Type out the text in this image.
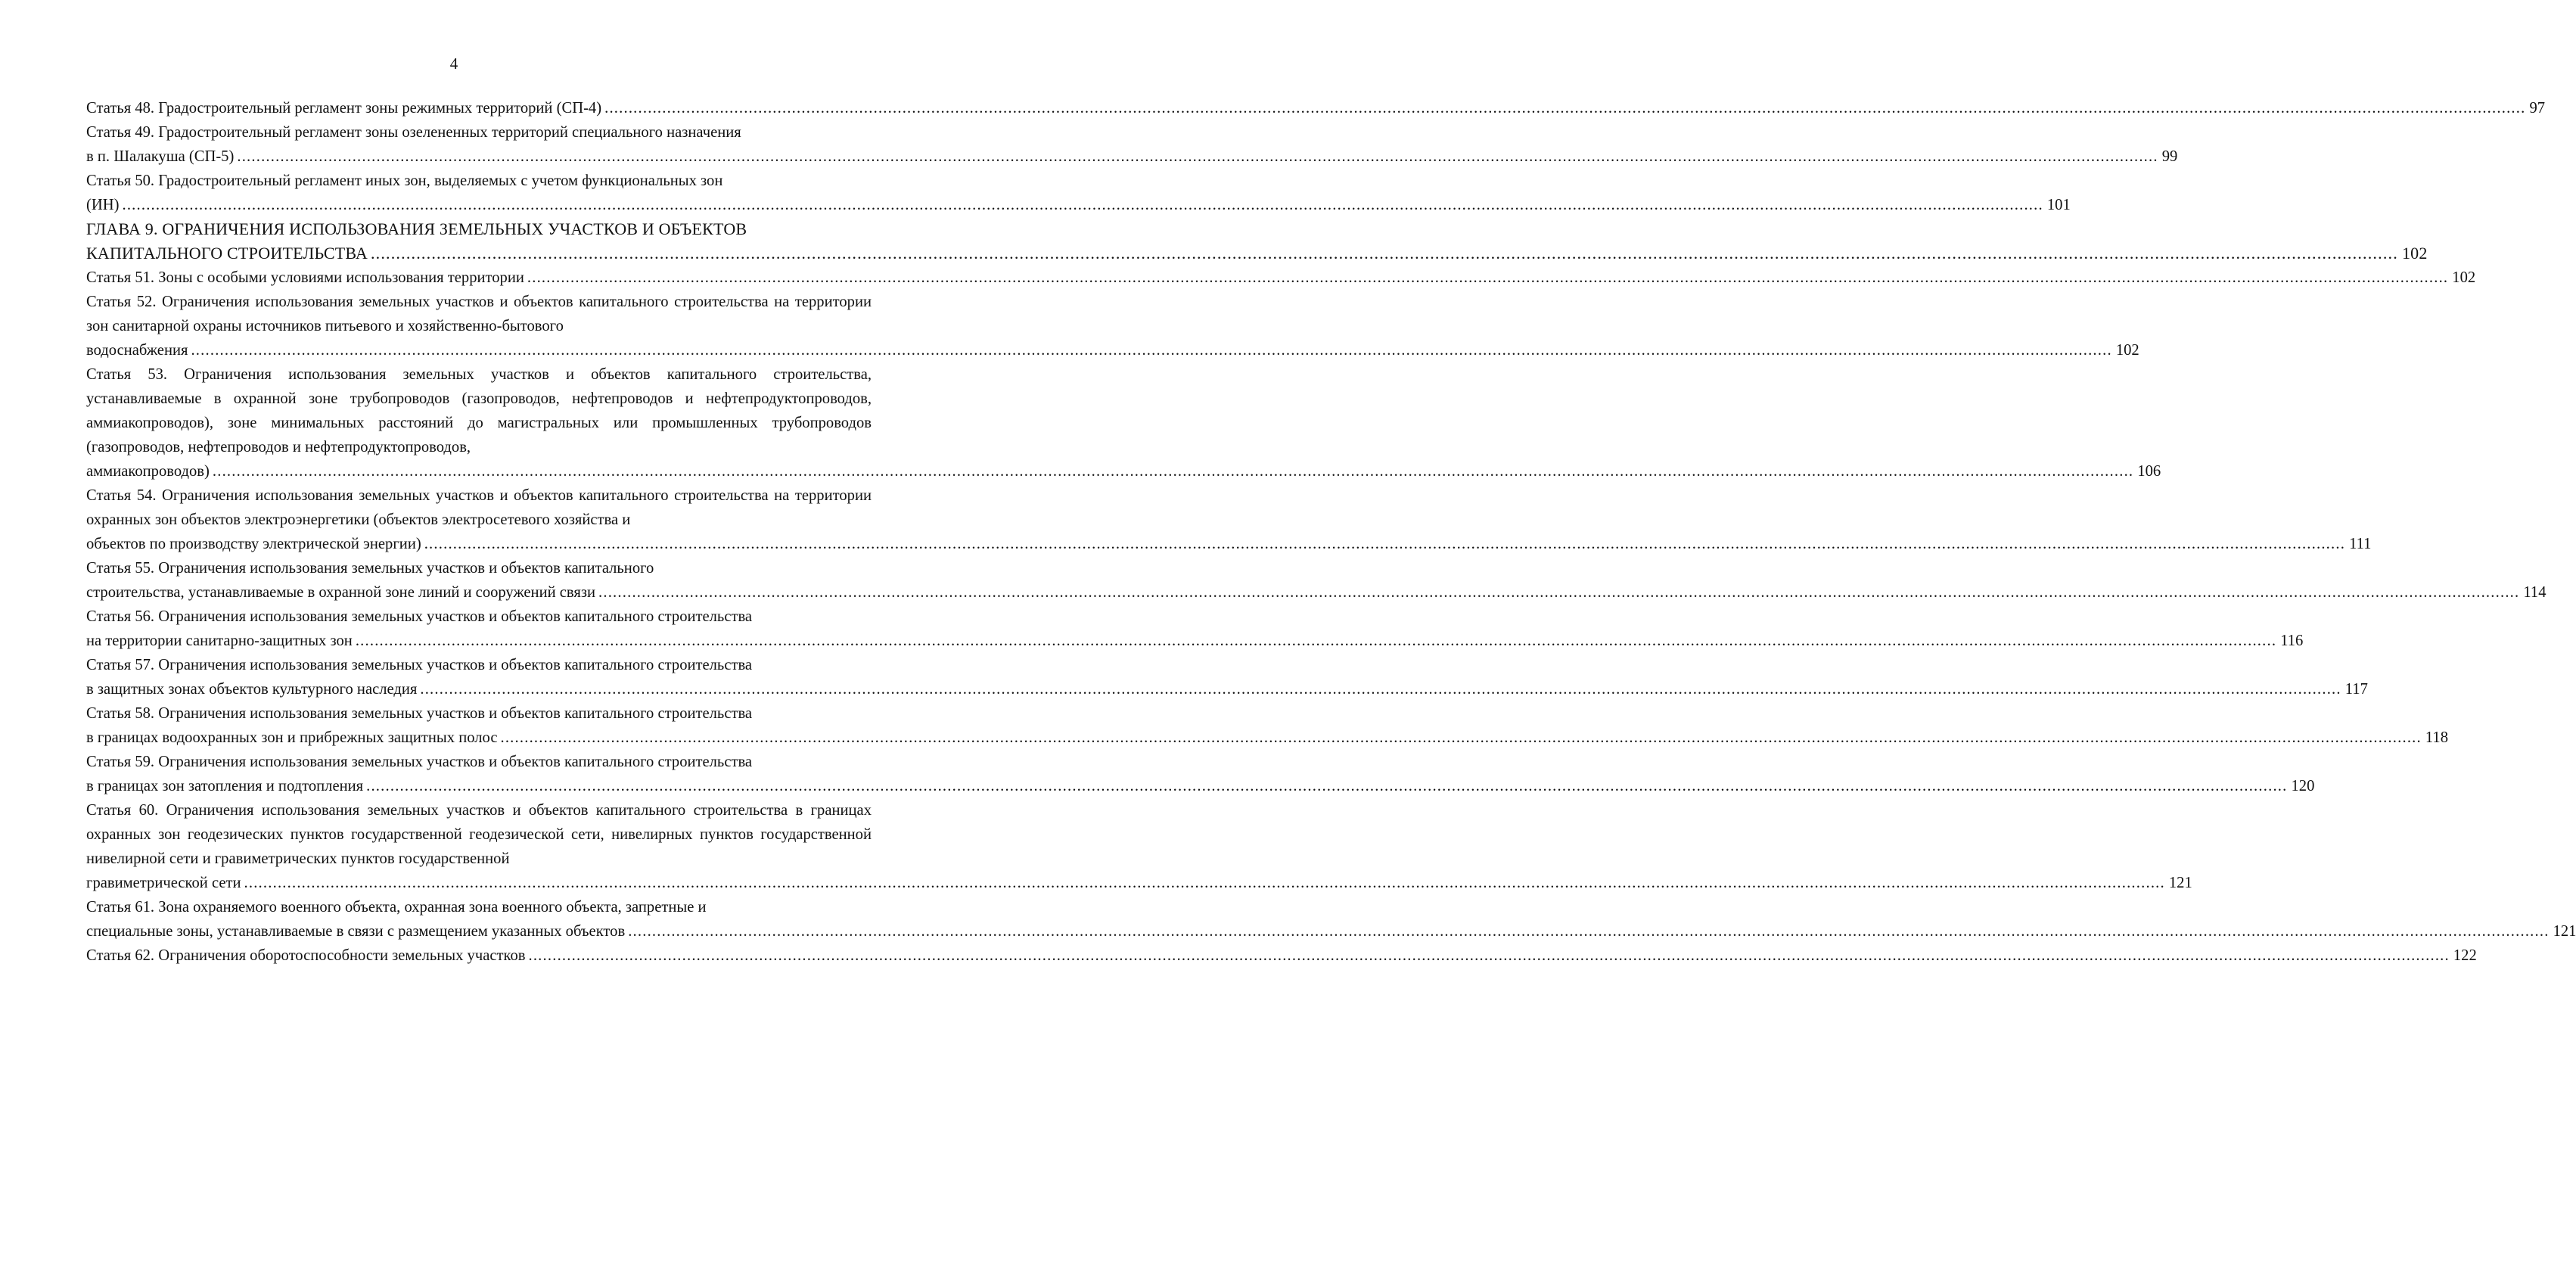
4
Статья 48. Градостроительный регламент зоны режимных территорий (СП-4) ................................................................................................................................................................................................................................................................................................................................................................................................................ 97
Статья 49. Градостроительный регламент зоны озелененных территорий специального назначения
в п. Шалакуша (СП-5) ................................................................................................................................................................................................................................................................................................................................................................................................................ 99
Статья 50. Градостроительный регламент иных зон, выделяемых с учетом функциональных зон
(ИН) ................................................................................................................................................................................................................................................................................................................................................................................................................ 101
ГЛАВА 9. ОГРАНИЧЕНИЯ ИСПОЛЬЗОВАНИЯ ЗЕМЕЛЬНЫХ УЧАСТКОВ И ОБЪЕКТОВ
КАПИТАЛЬНОГО СТРОИТЕЛЬСТВА ................................................................................................................................................................................................................................................................................................................................................................................................................ 102
Статья 51. Зоны с особыми условиями использования территории ................................................................................................................................................................................................................................................................................................................................................................................................................ 102
Статья 52. Ограничения использования земельных участков и объектов капитального строительства на территории зон санитарной охраны источников питьевого и хозяйственно-бытового
водоснабжения ................................................................................................................................................................................................................................................................................................................................................................................................................ 102
Статья 53. Ограничения использования земельных участков и объектов капитального строительства, устанавливаемые в охранной зоне трубопроводов (газопроводов, нефтепроводов и нефтепродуктопроводов, аммиакопроводов), зоне минимальных расстояний до магистральных или промышленных трубопроводов (газопроводов, нефтепроводов и нефтепродуктопроводов,
аммиакопроводов) ................................................................................................................................................................................................................................................................................................................................................................................................................ 106
Статья 54. Ограничения использования земельных участков и объектов капитального строительства на территории охранных зон объектов электроэнергетики (объектов электросетевого хозяйства и
объектов по производству электрической энергии) ................................................................................................................................................................................................................................................................................................................................................................................................................ 111
Статья 55. Ограничения использования земельных участков и объектов капитального
строительства, устанавливаемые в охранной зоне линий и сооружений связи ................................................................................................................................................................................................................................................................................................................................................................................................................ 114
Статья 56. Ограничения использования земельных участков и объектов капитального строительства
на территории санитарно-защитных зон ................................................................................................................................................................................................................................................................................................................................................................................................................ 116
Статья 57. Ограничения использования земельных участков и объектов капитального строительства
в защитных зонах объектов культурного наследия ................................................................................................................................................................................................................................................................................................................................................................................................................ 117
Статья 58. Ограничения использования земельных участков и объектов капитального строительства
в границах водоохранных зон и прибрежных защитных полос ................................................................................................................................................................................................................................................................................................................................................................................................................ 118
Статья 59. Ограничения использования земельных участков и объектов капитального строительства
в границах зон затопления и подтопления ................................................................................................................................................................................................................................................................................................................................................................................................................ 120
Статья 60. Ограничения использования земельных участков и объектов капитального строительства в границах охранных зон геодезических пунктов государственной геодезической сети, нивелирных пунктов государственной нивелирной сети и гравиметрических пунктов государственной
гравиметрической сети ................................................................................................................................................................................................................................................................................................................................................................................................................ 121
Статья 61. Зона охраняемого военного объекта, охранная зона военного объекта, запретные и
специальные зоны, устанавливаемые в связи с размещением указанных объектов ................................................................................................................................................................................................................................................................................................................................................................................................................ 121
Статья 62. Ограничения оборотоспособности земельных участков ................................................................................................................................................................................................................................................................................................................................................................................................................ 122
